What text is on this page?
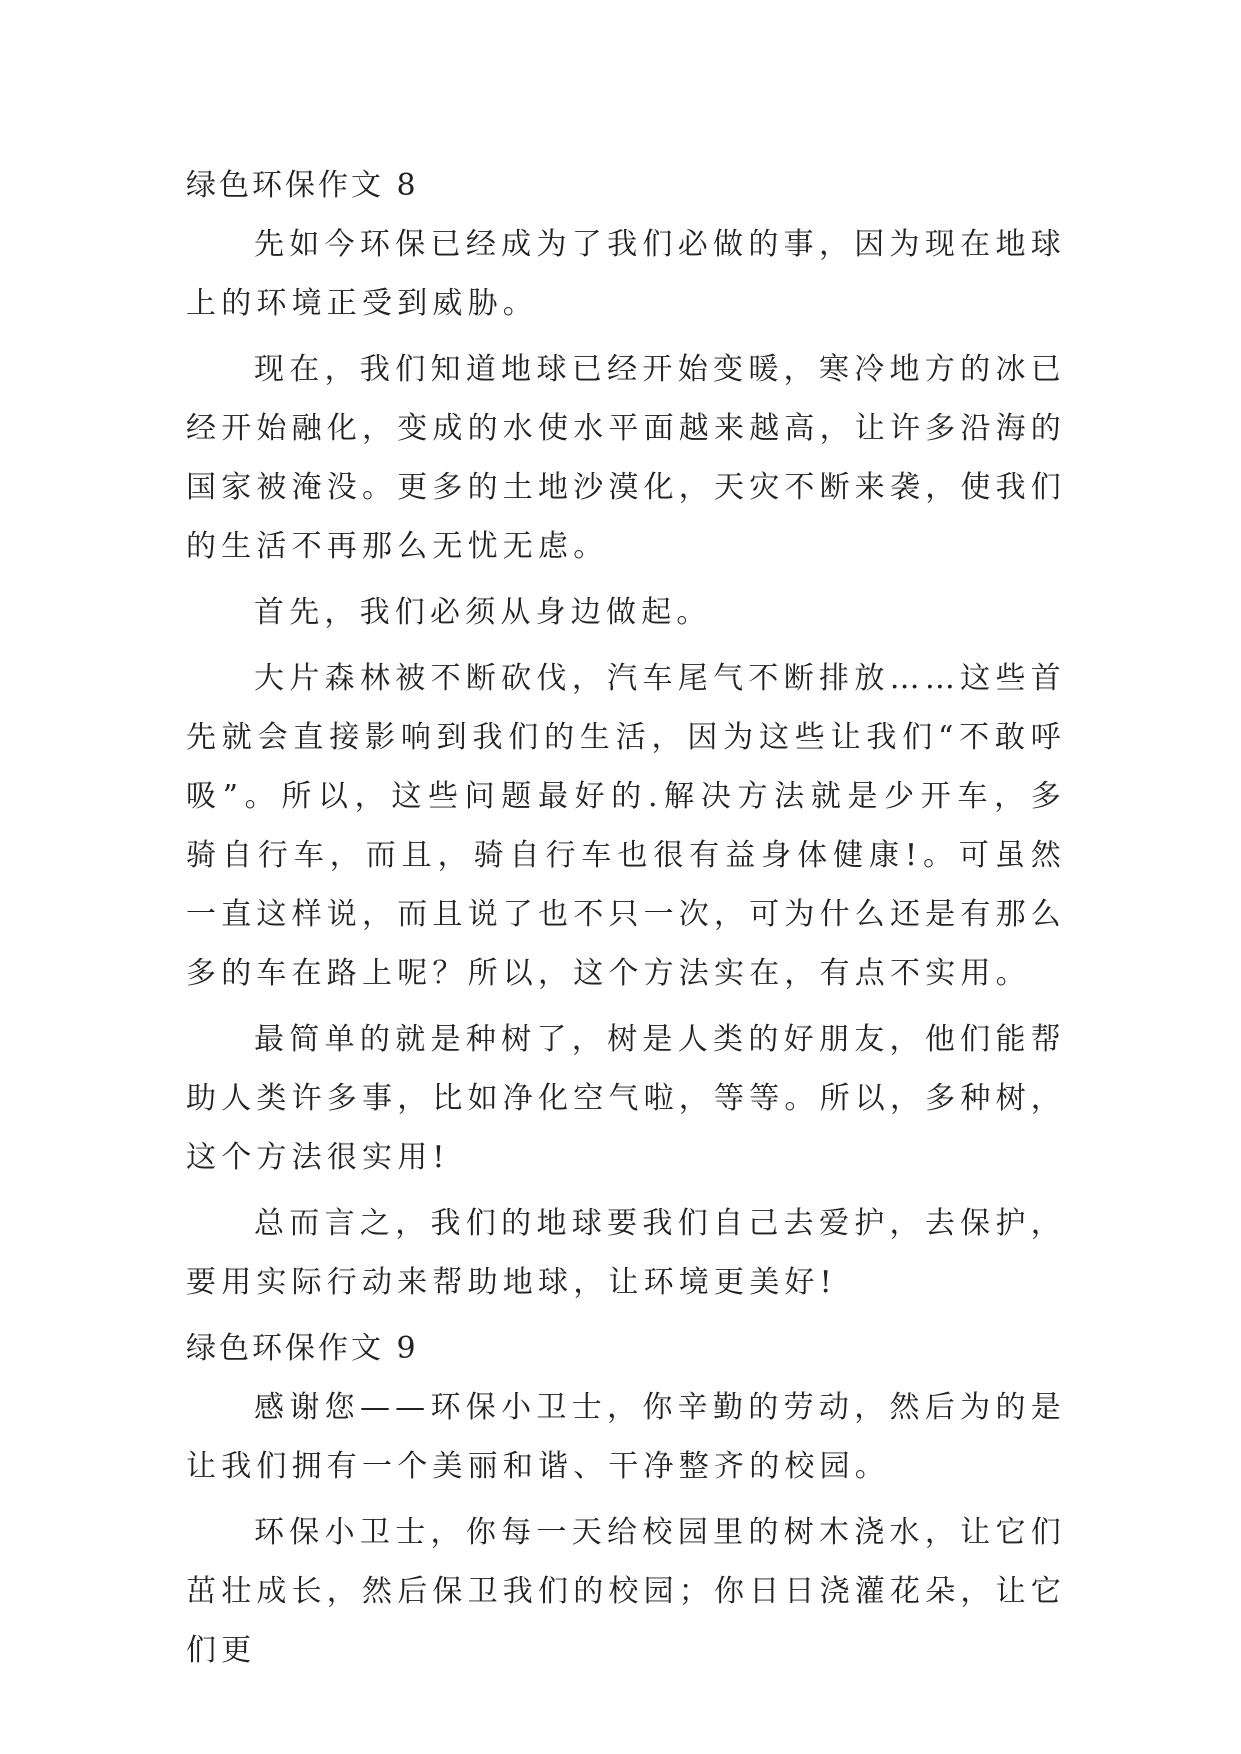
绿色环保作文 8

先如今环保已经成为了我们必做的事，因为现在地球上的环境正受到威胁。

现在，我们知道地球已经开始变暖，寒冷地方的冰已经开始融化，变成的水使水平面越来越高，让许多沿海的国家被淹没。更多的土地沙漠化，天灾不断来袭，使我们的生活不再那么无忧无虑。

首先，我们必须从身边做起。

大片森林被不断砍伐，汽车尾气不断排放……这些首先就会直接影响到我们的生活，因为这些让我们“不敢呼吸”。所以，这些问题最好的.解决方法就是少开车，多骑自行车，而且，骑自行车也很有益身体健康!。可虽然一直这样说，而且说了也不只一次，可为什么还是有那么多的车在路上呢？所以，这个方法实在，有点不实用。

最简单的就是种树了，树是人类的好朋友，他们能帮助人类许多事，比如净化空气啦，等等。所以，多种树，这个方法很实用!

总而言之，我们的地球要我们自己去爱护，去保护，要用实际行动来帮助地球，让环境更美好!

绿色环保作文 9

感谢您——环保小卫士，你辛勤的劳动，然后为的是让我们拥有一个美丽和谐、干净整齐的校园。

环保小卫士，你每一天给校园里的树木浇水，让它们茁壮成长，然后保卫我们的校园；你日日浇灌花朵，让它们更
